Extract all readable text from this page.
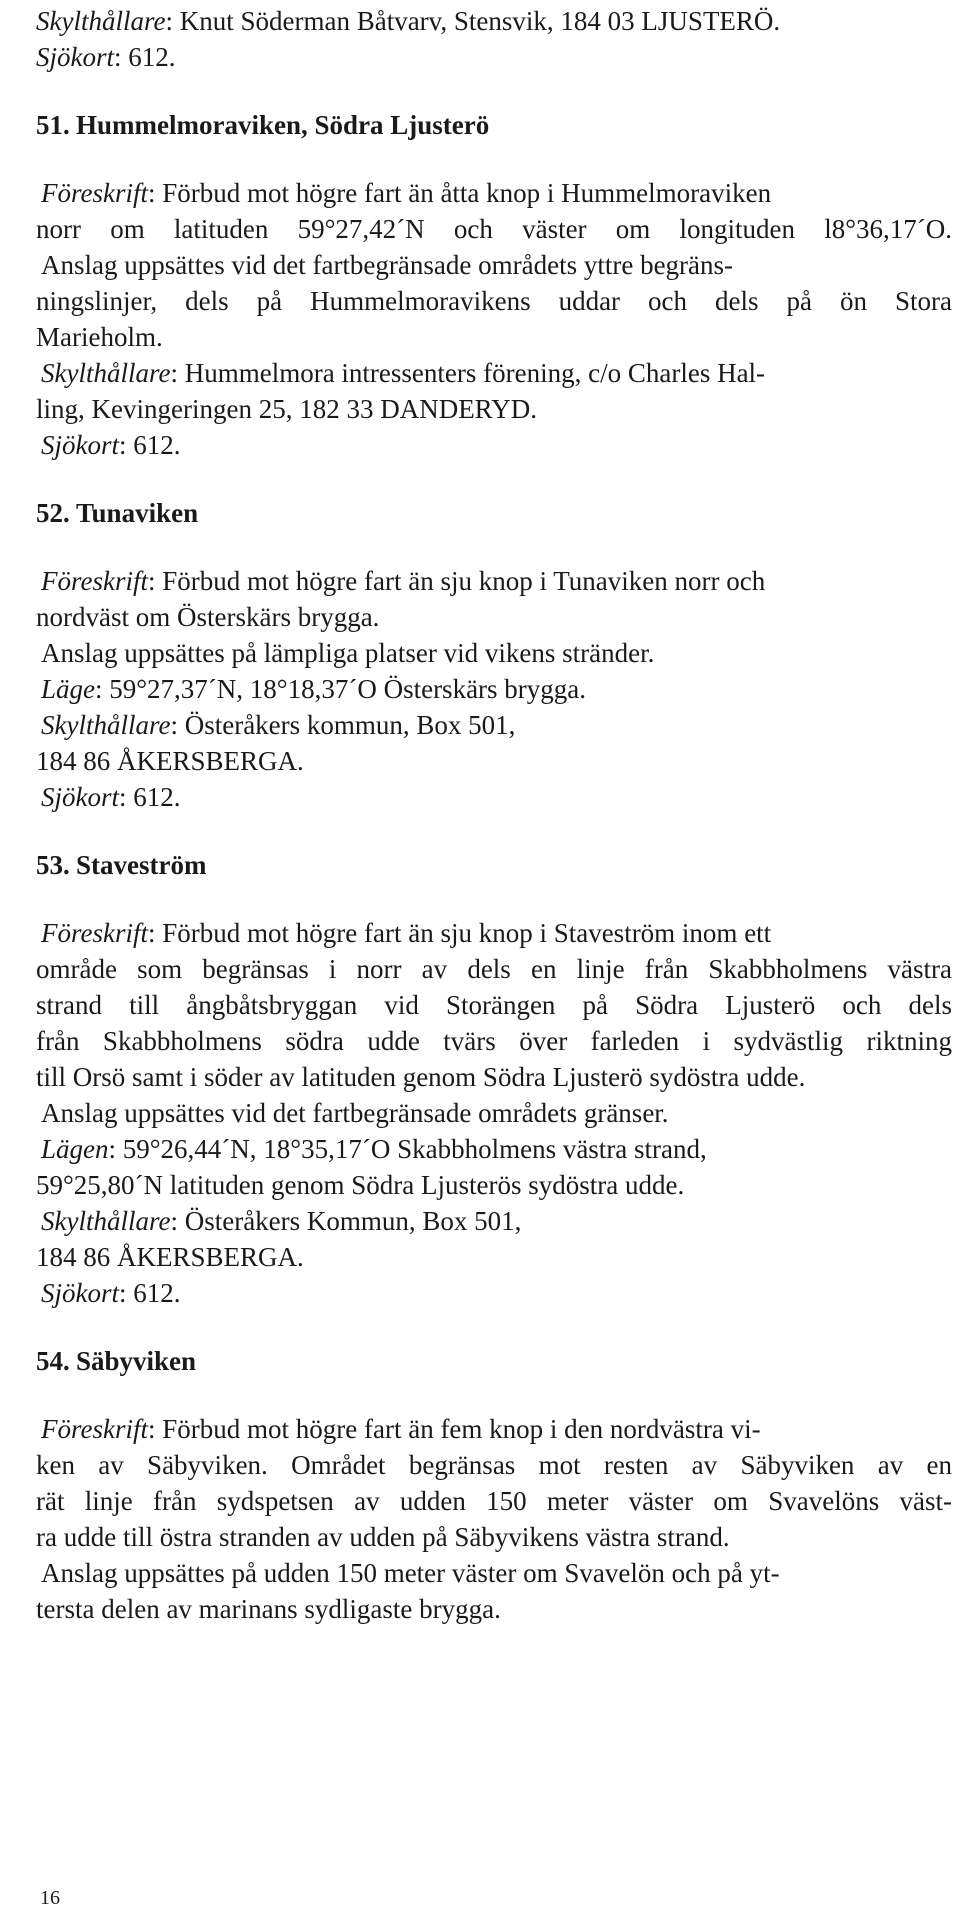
Skylthållare: Knut Söderman Båtvarv, Stensvik, 184 03 LJUSTERÖ.
Sjökort: 612.
51. Hummelmoraviken, Södra Ljusterö
Föreskrift: Förbud mot högre fart än åtta knop i Hummelmoraviken
norr om latituden 59°27,42´N och väster om longituden l8°36,17´O.
Anslag uppsättes vid det fartbegränsade områdets yttre begräns-
ningslinjer, dels på Hummelmoravikens uddar och dels på ön Stora
Marieholm.
Skylthållare: Hummelmora intressenters förening, c/o Charles Hal-
ling, Kevingeringen 25, 182 33 DANDERYD.
Sjökort: 612.
52. Tunaviken
Föreskrift: Förbud mot högre fart än sju knop i Tunaviken norr och
nordväst om Österskärs brygga.
Anslag uppsättes på lämpliga platser vid vikens stränder.
Läge: 59°27,37´N, 18°18,37´O Österskärs brygga.
Skylthållare: Österåkers kommun, Box 501,
184 86 ÅKERSBERGA.
Sjökort: 612.
53. Staveström
Föreskrift: Förbud mot högre fart än sju knop i Staveström inom ett
område som begränsas i norr av dels en linje från Skabbholmens västra
strand till ångbåtsbryggan vid Storängen på Södra Ljusterö och dels
från Skabbholmens södra udde tvärs över farleden i sydvästlig riktning
till Orsö samt i söder av latituden genom Södra Ljusterö sydöstra udde.
Anslag uppsättes vid det fartbegränsade områdets gränser.
Lägen: 59°26,44´N, 18°35,17´O Skabbholmens västra strand,
59°25,80´N latituden genom Södra Ljusterös sydöstra udde.
Skylthållare: Österåkers Kommun, Box 501,
184 86 ÅKERSBERGA.
Sjökort: 612.
54. Säbyviken
Föreskrift: Förbud mot högre fart än fem knop i den nordvästra vi-
ken av Säbyviken. Området begränsas mot resten av Säbyviken av en
rät linje från sydspetsen av udden 150 meter väster om Svavelöns väst-
ra udde till östra stranden av udden på Säbyvikens västra strand.
Anslag uppsättes på udden 150 meter väster om Svavelön och på yt-
tersta delen av marinans sydligaste brygga.
16
